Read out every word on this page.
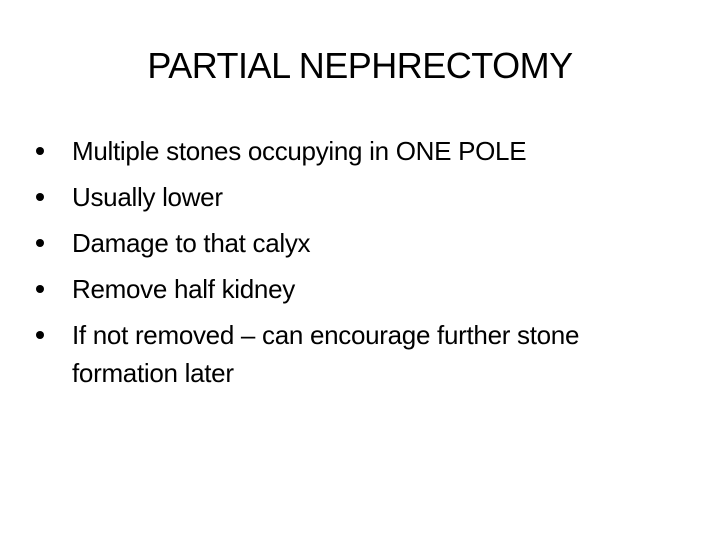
PARTIAL NEPHRECTOMY
Multiple stones occupying in ONE POLE
Usually lower
Damage to that calyx
Remove half kidney
If not removed – can encourage further stone formation later
